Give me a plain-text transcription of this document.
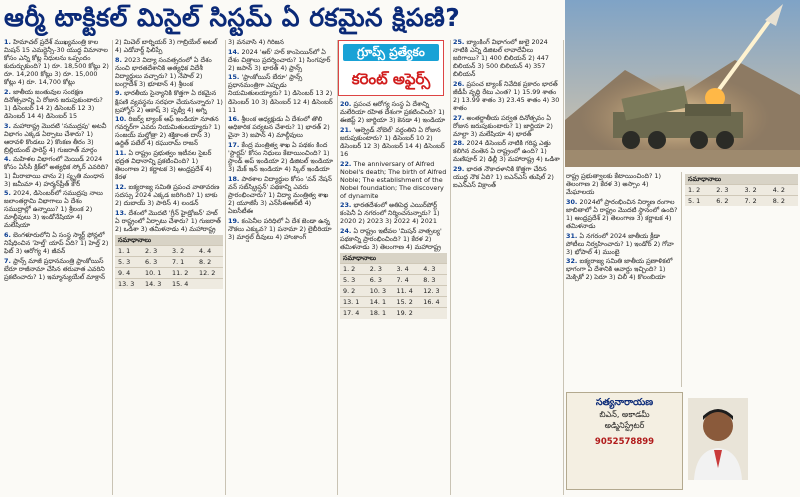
ఆర్మీ టాక్టికల్ మిసైల్ సిస్టమ్ ఏ రకమైన క్షిపణి?
గ్రూప్స్ ప్రత్యేకం
కరెంట్ అఫైర్స్

1. హిమాచల్ ప్రదేశ్ ముఖ్యమంత్రి కాల మిషన్ 15 ఎమర్జెన్సీ-30 యుద్ధ విమానాల కోసం ఎన్ని కోట్ల నిధులను ఒప్పందం కుదుర్చుకుంది? 1) రూ. 18,500 కోట్లు 2) రూ. 14,200 కోట్లు 3) రూ. 15,000 కోట్లు 4) రూ. 14,700 కోట్లు

2. జాతీయ జంతువుల సంరక్షణ దినోత్సవాన్ని ఏ రోజున జరుపుకుంటారు? 1) డిసెంబర్ 14 2) డిసెంబర్ 12 3) డిసెంబర్ 14 4) డిసెంబర్ 15

3. మహారాష్ట్ర మొదటి 'సముద్రపు' అటవీ విభాగం ఎక్కడ ఏర్పాటు చేశారు? 1) ఆరావళి కొండలు 2) కొంకణ తీరం 3) బ్రిల్లియంట్ ఫారెస్ట్ 4) గుజరాత్ మార్గం

4. మహిళల విభాగంలో మెయిడ్ 2024 కోసం ఏసీసీ క్రిక్‌లో అత్యధిక స్కోర్ ఎవరిది? 1) మీరాబాయి చాను 2) స్మృతి మంధాన 3) జమీమా 4) హర్మన్‌ప్రీత్ కౌర్

5. 2024, డిసెంబర్‌లో సముద్రపు నాలు జలాంతర్గామి విభాగాలు ఏ దేశం సముద్రాల్లో ఉన్నాయి? 1) శ్రీలంక 2) మాల్దీవులు 3) ఇండోనేషియా 4) మలేషియా

6. బెంగళూరులోని ఏ సంస్థ స్మార్ట్ ఫోన్లలో నిషేధించిన 'హెల్త్' యాప్ ఏది? 1) హెల్త్ 2) ఫిట్ 3) ఆరోగ్య 4) జీవన్

7. ఫ్రాన్స్ మాజీ ప్రధానమంత్రి ఫ్రాంకోయిస్ బేరూ రాజీనామా చేసిన తరువాత ఎవరిని ప్రకటించారు? 1) ఇమ్మాన్యుయేల్ మాక్రాన్

2) మిచెల్ బార్నియర్ 3) గాబ్రియేల్ అటల్ 4) ఎడోవార్డ్ ఫిలిప్పే

8. 2023 విద్యా సంవత్సరంలో ఏ దేశం నుంచి భారతదేశానికి అత్యధిక విదేశీ విద్యార్థులు వచ్చారు? 1) నేపాల్ 2) బంగ్లాదేశ్ 3) భూటాన్ 4) శ్రీలంక

9. భారతీయ సైన్యానికి కొత్తగా ఏ రకమైన క్షిపణి వ్యవస్థను సరఫరా చేయనున్నారు? 1) బ్రహ్మోస్ 2) ఆకాష్ 3) పృథ్వీ 4) అగ్ని

10. రిజర్వ్ బ్యాంక్ ఆఫ్ ఇండియా నూతన గవర్నర్‌గా ఎవరు నియమితులయ్యారు? 1) సంజయ్ మల్హోత్రా 2) శక్తికాంత దాస్ 3) ఉర్జిత్ పటేల్ 4) రఘురామ్ రాజన్

11. ఏ రాష్ట్రం ప్రభుత్వం ఇటీవల సైబర్ భద్రత విధానాన్ని ప్రకటించింది? 1) తెలంగాణ 2) కర్ణాటక 3) ఆంధ్రప్రదేశ్ 4) కేరళ

12. ఐక్యరాజ్య సమితి ప్రపంచ వాతావరణ సదస్సు 2024 ఎక్కడ జరిగింది? 1) బాకు 2) దుబాయ్ 3) పారిస్ 4) లండన్

13. దేశంలో మొదటి 'గ్రీన్ హైడ్రోజన్' హబ్ ఏ రాష్ట్రంలో ఏర్పాటు చేశారు? 1) గుజరాత్ 2) ఒడిశా 3) తమిళనాడు 4) మహారాష్ట్ర

సమాధానాలు			
1. 1	2. 3	3. 2	4. 4
5. 3	6. 3	7. 1	8. 2
9. 4	10. 1	11. 2	12. 2
13. 3	14. 3	15. 4	

3) వనవాసి 4) గిరిజన

14. 2024 'ఆర్' హర్ కాంపెయిన్‌లో ఏ దేశం చిత్రాలు ప్రదర్శించారు? 1) సింగపూర్ 2) జపాన్ 3) భారత్ 4) ఫ్రాన్స్

15. 'ఫ్రాంకోయిస్ బేరూ' ఫ్రాన్స్ ప్రధానమంత్రిగా ఎప్పుడు నియమితులయ్యారు? 1) డిసెంబర్ 13 2) డిసెంబర్ 10 3) డిసెంబర్ 12 4) డిసెంబర్ 11

16. శ్రీలంక అధ్యక్షుడు ఏ దేశంలో తొలి అధికారిక పర్యటన చేశారు? 1) భారత్ 2) చైనా 3) జపాన్ 4) మాల్దీవులు

17. కేంద్ర మంత్రిత్వ శాఖ ఏ పథకం కింద 'స్టార్టప్' కోసం నిధులు కేటాయించింది? 1) స్టాండ్ అప్ ఇండియా 2) డిజిటల్ ఇండియా 3) మేక్ ఇన్ ఇండియా 4) స్కిల్ ఇండియా

18. పాఠశాల విద్యార్థుల కోసం 'వన్ నేషన్ వన్ సబ్‌స్క్రిప్షన్' పథకాన్ని ఎవరు ప్రారంభించారు? 1) విద్యా మంత్రిత్వ శాఖ 2) యూజీసీ 3) ఎన్‌సీఈఆర్‌టీ 4) ఏఐసీటీఈ

19. కంపెనీల పరిధిలో ఏ దేశ జెండా ఉన్న నౌకలు ఎక్కువ? 1) పనామా 2) లైబీరియా 3) మార్షల్ దీవులు 4) హాంకాంగ్

20. ప్రపంచ ఆరోగ్య సంస్థ ఏ దేశాన్ని మలేరియా రహిత దేశంగా ప్రకటించింది? 1) ఈజిప్ట్ 2) జార్జియా 3) కెనడా 4) ఇండియా

21. 'ఆల్ఫ్రెడ్ నోబెల్' వర్ధంతిని ఏ రోజున జరుపుకుంటారు? 1) డిసెంబర్ 10 2) డిసెంబర్ 12 3) డిసెంబర్ 14 4) డిసెంబర్ 16

22. The anniversary of Alfred Nobel's death; The birth of Alfred Noble; The establishment of the Nobel foundation; The discovery of dynamite

23. భారతదేశంలో అతిపెద్ద ఎయిర్‌పోర్ట్ కంపెనీ ఏ నగరంలో నిర్మించనున్నారు? 1) 2020 2) 2023 3) 2022 4) 2021

24. ఏ రాష్ట్రం ఇటీవల 'మిషన్ వాత్సల్య' పథకాన్ని ప్రారంభించింది? 1) కేరళ 2) తమిళనాడు 3) తెలంగాణ 4) మహారాష్ట్ర

సమాధానాలు			
1. 2	2. 3	3. 4	4. 3
5. 3	6. 3	7. 4	8. 3
9. 2	10. 3	11. 4	12. 3
13. 1	14. 1	15. 2	16. 4
17. 4	18. 1	19. 2	

25. బ్యాంకింగ్ విభాగంలో జులై 2024 నాటికి ఎన్ని డిజిటల్ లావాదేవీలు జరిగాయి? 1) 400 బిలియన్ 2) 447 బిలియన్ 3) 500 బిలియన్ 4) 357 బిలియన్

26. ప్రపంచ బ్యాంక్ నివేదిక ప్రకారం భారత్ జీడీపీ వృద్ధి రేటు ఎంత? 1) 15.99 శాతం 2) 13.99 శాతం 3) 23.45 శాతం 4) 30 శాతం

27. అంతర్జాతీయ పర్వత దినోత్సవం ఏ రోజున జరుపుకుంటారు? 1) జార్జియా 2) మాల్టా 3) మలేషియా 4) భారత్

28. 2024 డిసెంబర్ నాటికి గరిష్ఠ ఎత్తు కలిగిన వంతెన ఏ రాష్ట్రంలో ఉంది? 1) మణిపూర్ 2) ఢిల్లీ 3) మహారాష్ట్ర 4) ఒడిశా

29. భారత నౌకాదళానికి కొత్తగా చేరిన యుద్ధ నౌక ఏది? 1) ఐఎన్ఎస్ తుషిల్ 2) ఐఎన్ఎస్ విక్రాంత్

రాష్ట్ర ప్రభుత్వాలకు కేటాయించింది? 1) తెలంగాణ 2) కేరళ 3) అస్సాం 4) మేఘాలయ

30. 2024లో ప్రారంభించిన నిర్మాణ రంగాల జాబితాలో ఏ రాష్ట్రం మొదటి స్థానంలో ఉంది? 1) ఆంధ్రప్రదేశ్ 2) తెలంగాణ 3) కర్ణాటక 4) తమిళనాడు

31. ఏ నగరంలో 2024 జాతీయ క్రీడా పోటీలు నిర్వహించారు? 1) ఇండోర్ 2) గోవా 3) భోపాల్ 4) ముంబై

32. ఐక్యరాజ్య సమితి జాతీయ ప్రణాళికలో భాగంగా ఏ దేశానికి అవార్డు ఇచ్చింది? 1) మెక్సికో 2) పెరూ 3) చిలీ 4) కొలంబియా

సమాధానాలు			
1. 2	2. 3	3. 2	4. 2
5. 1	6. 2	7. 2	8. 2
సత్యనారాయణ
బిఎన్‌, అకాడమీ
అడ్మినిస్ట్రేటర్
9052578899
